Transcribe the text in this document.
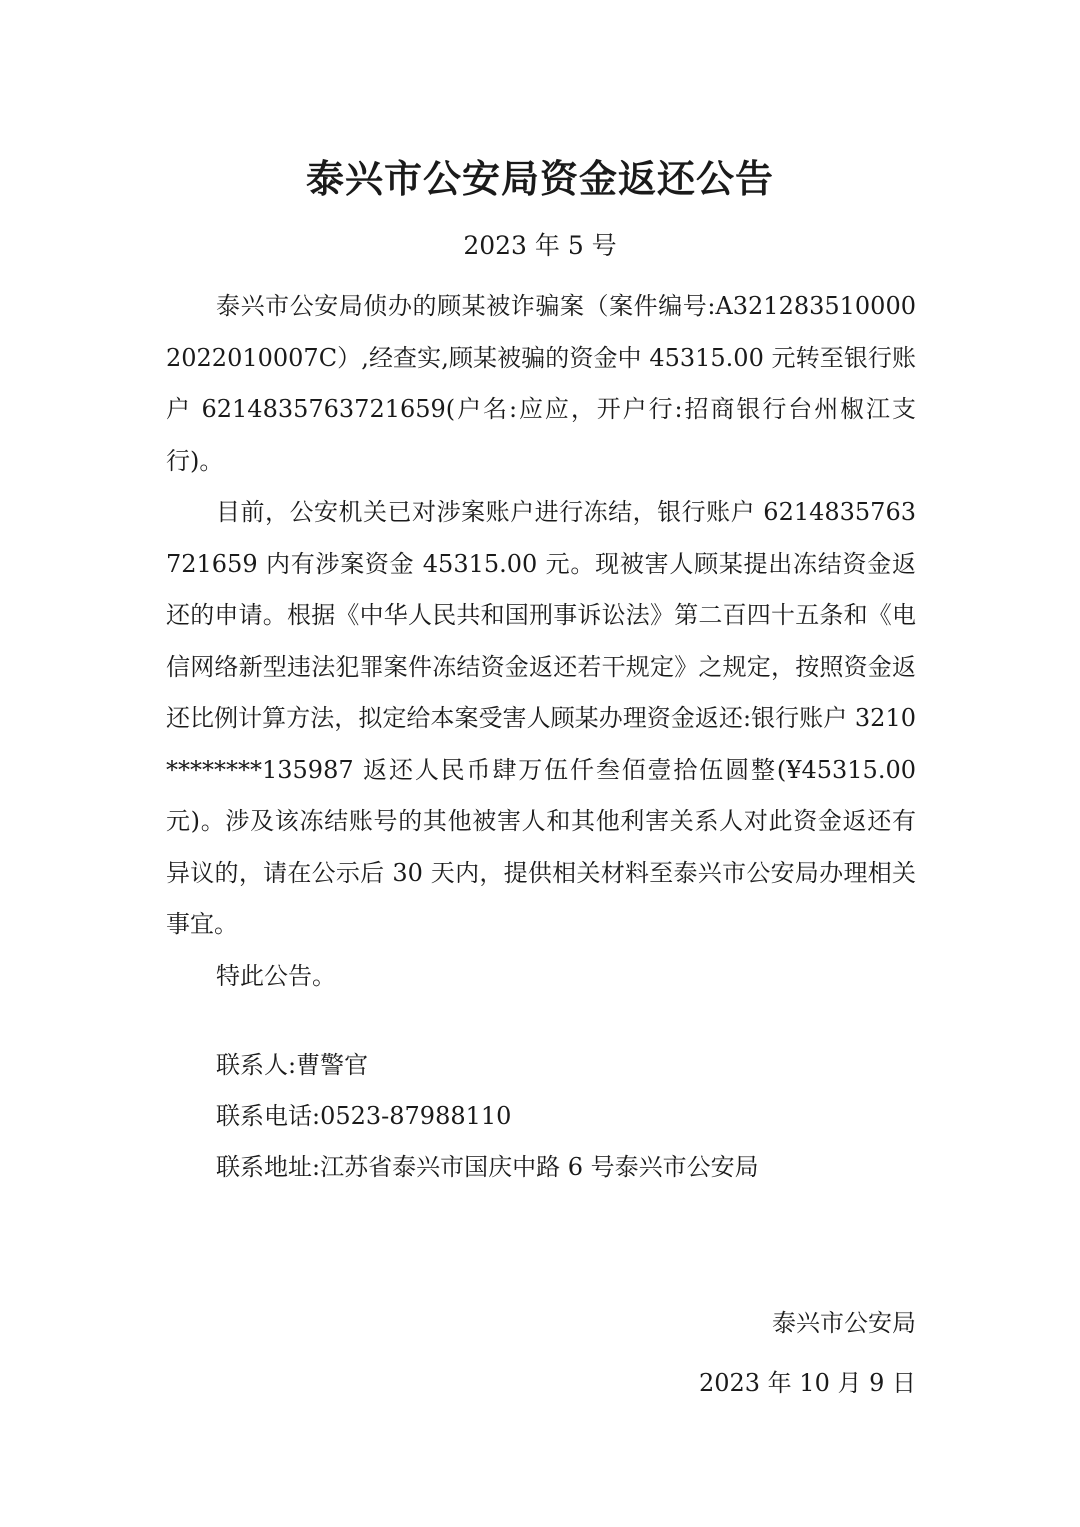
泰兴市公安局资金返还公告
2023 年 5 号

泰兴市公安局侦办的顾某被诈骗案（案件编号:A3212835100002022010007C）,经查实,顾某被骗的资金中 45315.00 元转至银行账户 6214835763721659(户名:应应，开户行:招商银行台州椒江支行)。

目前，公安机关已对涉案账户进行冻结，银行账户 6214835763721659 内有涉案资金 45315.00 元。现被害人顾某提出冻结资金返还的申请。根据《中华人民共和国刑事诉讼法》第二百四十五条和《电信网络新型违法犯罪案件冻结资金返还若干规定》之规定，按照资金返还比例计算方法，拟定给本案受害人顾某办理资金返还:银行账户 3210********135987 返还人民币肆万伍仟叁佰壹拾伍圆整(¥45315.00 元)。涉及该冻结账号的其他被害人和其他利害关系人对此资金返还有异议的，请在公示后 30 天内，提供相关材料至泰兴市公安局办理相关事宜。

特此公告。

联系人:曹警官
联系电话:0523-87988110
联系地址:江苏省泰兴市国庆中路 6 号泰兴市公安局
泰兴市公安局
2023 年 10 月 9 日
